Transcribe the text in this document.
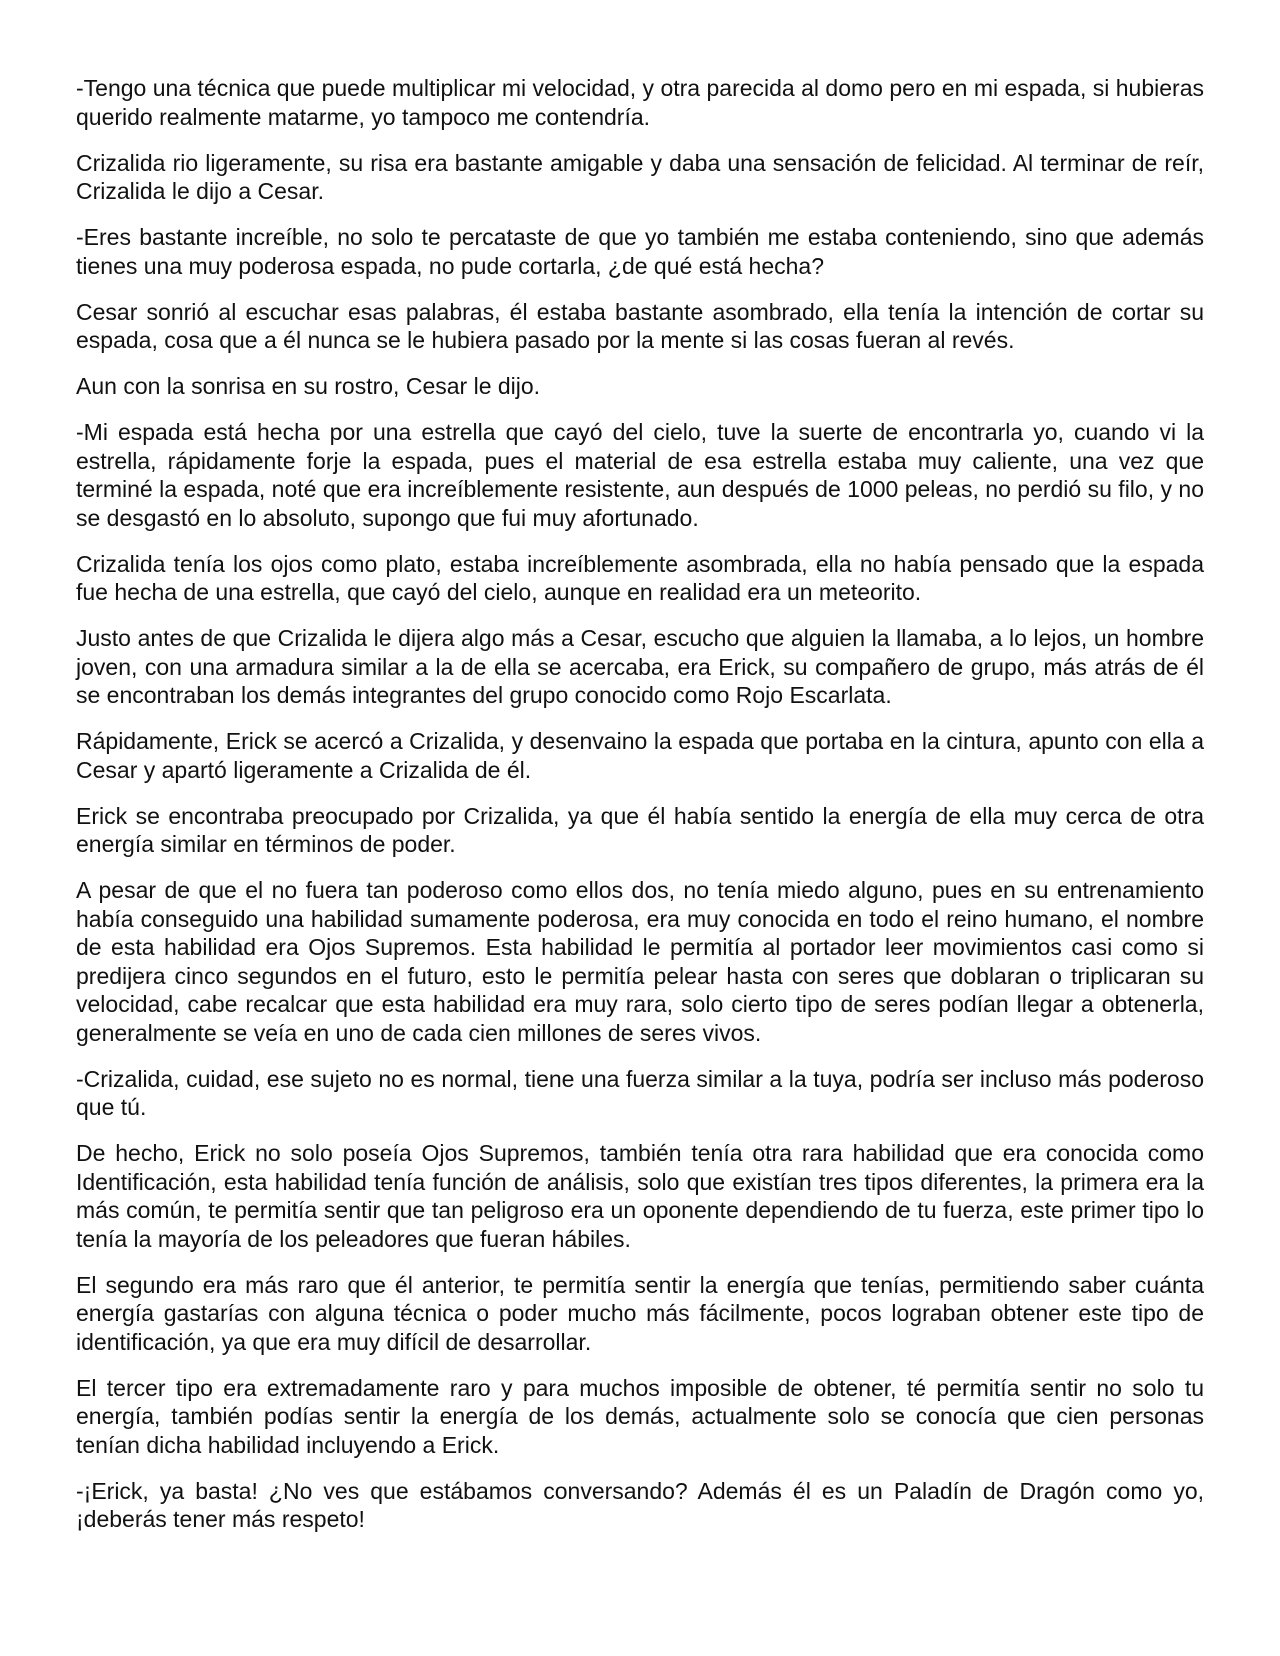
-Tengo una técnica que puede multiplicar mi velocidad, y otra parecida al domo pero en mi espada, si hubieras querido realmente matarme, yo tampoco me contendría.

Crizalida rio ligeramente, su risa era bastante amigable y daba una sensación de felicidad. Al terminar de reír, Crizalida le dijo a Cesar.

-Eres bastante increíble, no solo te percataste de que yo también me estaba conteniendo, sino que además tienes una muy poderosa espada, no pude cortarla, ¿de qué está hecha?

Cesar sonrió al escuchar esas palabras, él estaba bastante asombrado, ella tenía la intención de cortar su espada, cosa que a él nunca se le hubiera pasado por la mente si las cosas fueran al revés.

Aun con la sonrisa en su rostro, Cesar le dijo.

-Mi espada está hecha por una estrella que cayó del cielo, tuve la suerte de encontrarla yo, cuando vi la estrella, rápidamente forje la espada, pues el material de esa estrella estaba muy caliente, una vez que terminé la espada, noté que era increíblemente resistente, aun después de 1000 peleas, no perdió su filo, y no se desgastó en lo absoluto, supongo que fui muy afortunado.

Crizalida tenía los ojos como plato, estaba increíblemente asombrada, ella no había pensado que la espada fue hecha de una estrella, que cayó del cielo, aunque en realidad era un meteorito.

Justo antes de que Crizalida le dijera algo más a Cesar, escucho que alguien la llamaba, a lo lejos, un hombre joven, con una armadura similar a la de ella se acercaba, era Erick, su compañero de grupo, más atrás de él se encontraban los demás integrantes del grupo conocido como Rojo Escarlata.

Rápidamente, Erick se acercó a Crizalida, y desenvaino la espada que portaba en la cintura, apunto con ella a Cesar y apartó ligeramente a Crizalida de él.

Erick se encontraba preocupado por Crizalida, ya que él había sentido la energía de ella muy cerca de otra energía similar en términos de poder.

A pesar de que el no fuera tan poderoso como ellos dos, no tenía miedo alguno, pues en su entrenamiento había conseguido una habilidad sumamente poderosa, era muy conocida en todo el reino humano, el nombre de esta habilidad era Ojos Supremos. Esta habilidad le permitía al portador leer movimientos casi como si predijera cinco segundos en el futuro, esto le permitía pelear hasta con seres que doblaran o triplicaran su velocidad, cabe recalcar que esta habilidad era muy rara, solo cierto tipo de seres podían llegar a obtenerla, generalmente se veía en uno de cada cien millones de seres vivos.

-Crizalida, cuidad, ese sujeto no es normal, tiene una fuerza similar a la tuya, podría ser incluso más poderoso que tú.

De hecho, Erick no solo poseía Ojos Supremos, también tenía otra rara habilidad que era conocida como Identificación, esta habilidad tenía función de análisis, solo que existían tres tipos diferentes, la primera era la más común, te permitía sentir que tan peligroso era un oponente dependiendo de tu fuerza, este primer tipo lo tenía la mayoría de los peleadores que fueran hábiles.

El segundo era más raro que él anterior, te permitía sentir la energía que tenías, permitiendo saber cuánta energía gastarías con alguna técnica o poder mucho más fácilmente, pocos lograban obtener este tipo de identificación, ya que era muy difícil de desarrollar.

El tercer tipo era extremadamente raro y para muchos imposible de obtener, té permitía sentir no solo tu energía, también podías sentir la energía de los demás, actualmente solo se conocía que cien personas tenían dicha habilidad incluyendo a Erick.

-¡Erick, ya basta! ¿No ves que estábamos conversando? Además él es un Paladín de Dragón como yo, ¡deberás tener más respeto!
